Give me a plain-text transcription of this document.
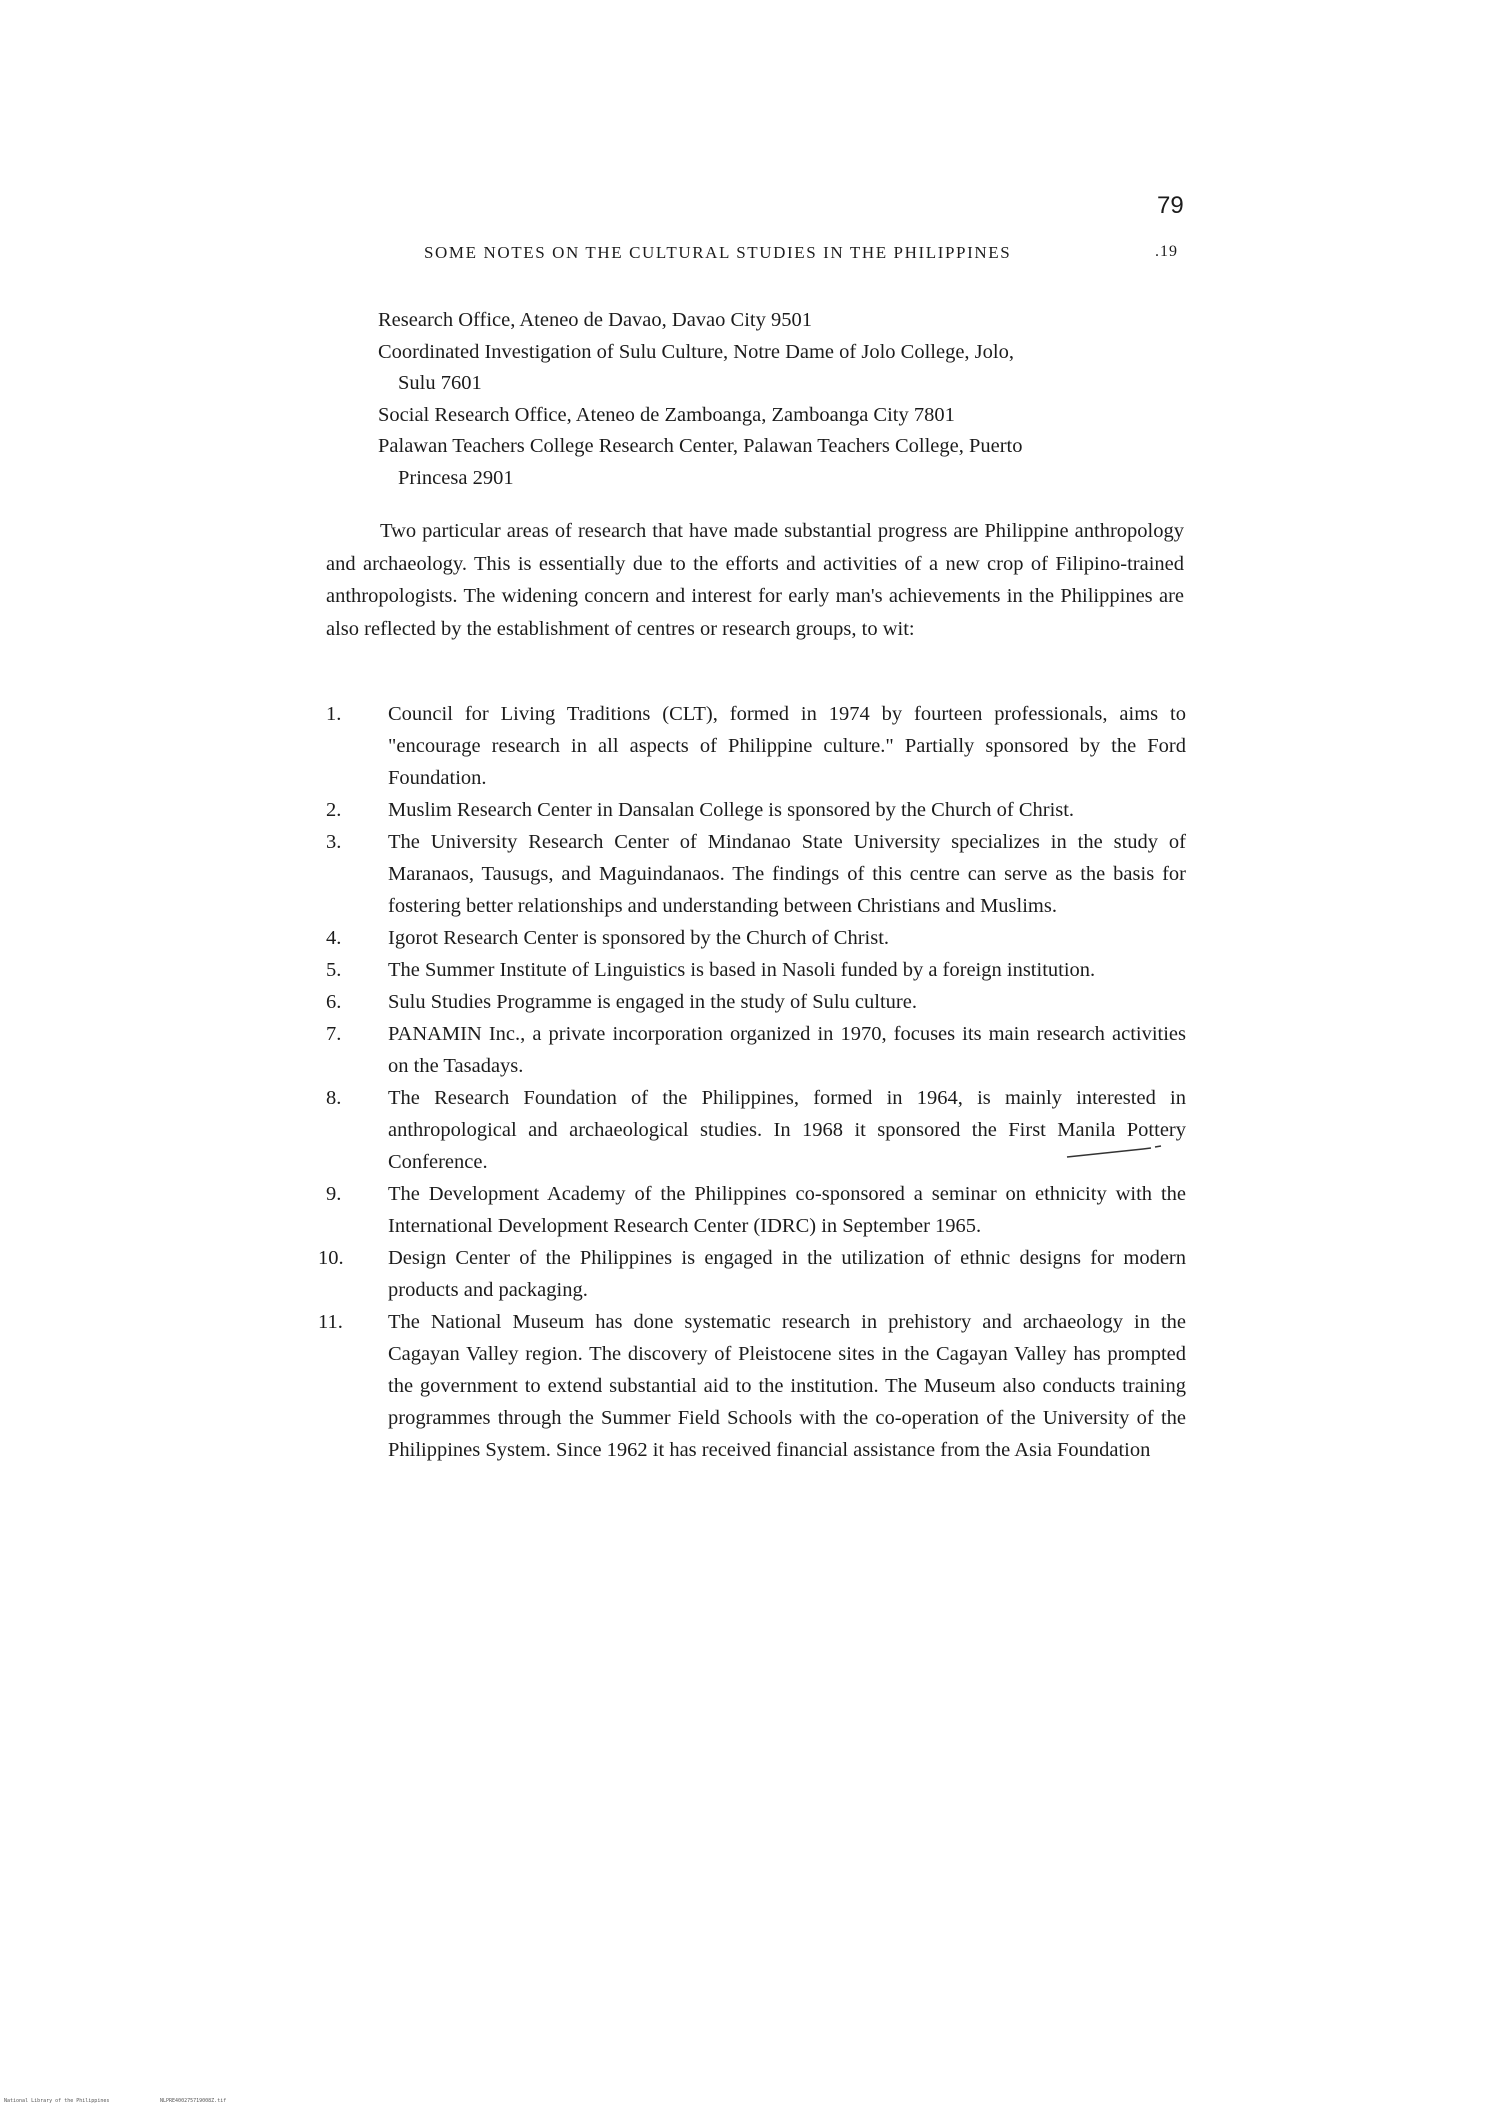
79
SOME NOTES ON THE CULTURAL STUDIES IN THE PHILIPPINES	.19
Research Office, Ateneo de Davao, Davao City 9501
Coordinated Investigation of Sulu Culture, Notre Dame of Jolo College, Jolo,
Sulu 7601
Social Research Office, Ateneo de Zamboanga, Zamboanga City 7801
Palawan Teachers College Research Center, Palawan Teachers College, Puerto
Princesa 2901

Two particular areas of research that have made substantial progress are Philippine anthropology and archaeology. This is essentially due to the efforts and activities of a new crop of Filipino-trained anthropologists. The widening concern and interest for early man's achievements in the Philippines are also reflected by the establishment of centres or research groups, to wit:

1. Council for Living Traditions (CLT), formed in 1974 by fourteen professionals, aims to "encourage research in all aspects of Philippine culture." Partially sponsored by the Ford Foundation.
2. Muslim Research Center in Dansalan College is sponsored by the Church of Christ.
3. The University Research Center of Mindanao State University specializes in the study of Maranaos, Tausugs, and Maguindanaos. The findings of this centre can serve as the basis for fostering better relationships and understanding between Christians and Muslims.
4. Igorot Research Center is sponsored by the Church of Christ.
5. The Summer Institute of Linguistics is based in Nasoli funded by a foreign institution.
6. Sulu Studies Programme is engaged in the study of Sulu culture.
7. PANAMIN Inc., a private incorporation organized in 1970, focuses its main research activities on the Tasadays.
8. The Research Foundation of the Philippines, formed in 1964, is mainly interested in anthropological and archaeological studies. In 1968 it sponsored the First Manila Pottery Conference.
9. The Development Academy of the Philippines co-sponsored a seminar on ethnicity with the International Development Research Center (IDRC) in September 1965.
10. Design Center of the Philippines is engaged in the utilization of ethnic designs for modern products and packaging.
11. The National Museum has done systematic research in prehistory and archaeology in the Cagayan Valley region. The discovery of Pleistocene sites in the Cagayan Valley has prompted the government to extend substantial aid to the institution. The Museum also conducts training programmes through the Summer Field Schools with the co-operation of the University of the Philippines System. Since 1962 it has received financial assistance from the Asia Foundation
National Library of the Philippines	NLPRE400275719008Z.tif
